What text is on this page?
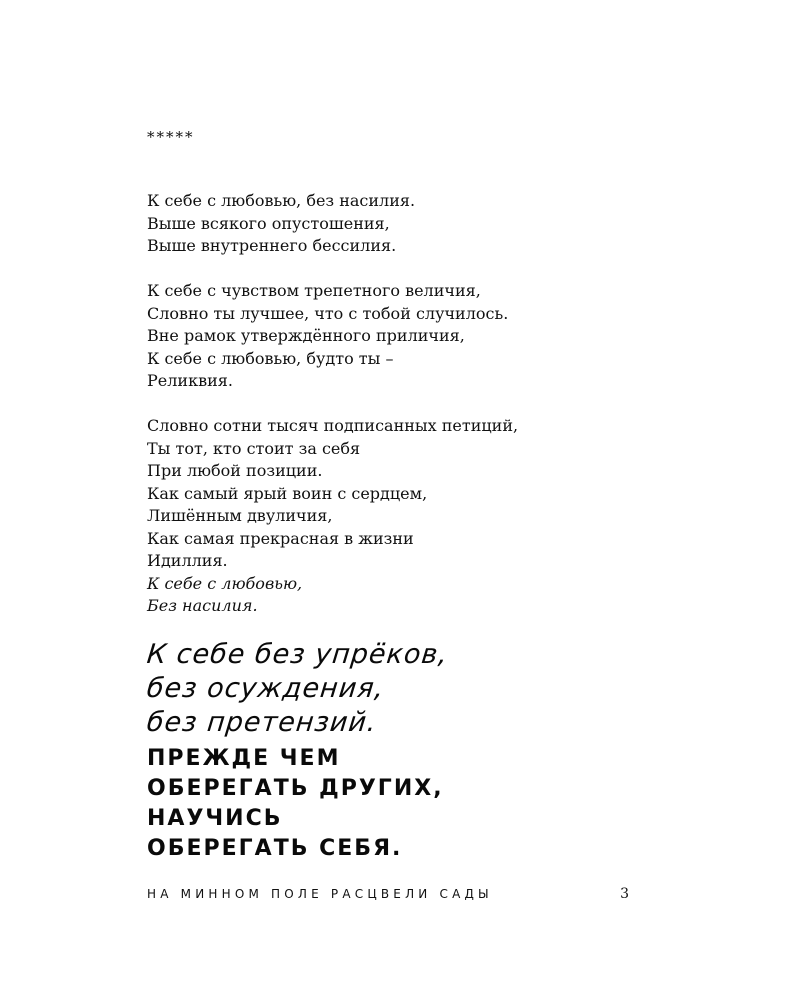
*****
К себе с любовью, без насилия.
Выше всякого опустошения,
Выше внутреннего бессилия.
К себе с чувством трепетного величия,
Словно ты лучшее, что с тобой случилось.
Вне рамок утверждённого приличия,
К себе с любовью, будто ты –
Реликвия.
Словно сотни тысяч подписанных петиций,
Ты тот, кто стоит за себя
При любой позиции.
Как самый ярый воин с сердцем,
Лишённым двуличия,
Как самая прекрасная в жизни
Идиллия.
К себе с любовью,
Без насилия.
К себе без упрёков,
без осуждения,
без претензий.
ПРЕЖДЕ ЧЕМ
ОБЕРЕГАТЬ ДРУГИХ,
НАУЧИСЬ
ОБЕРЕГАТЬ СЕБЯ.
НА МИННОМ ПОЛЕ РАСЦВЕЛИ САДЫ	3
